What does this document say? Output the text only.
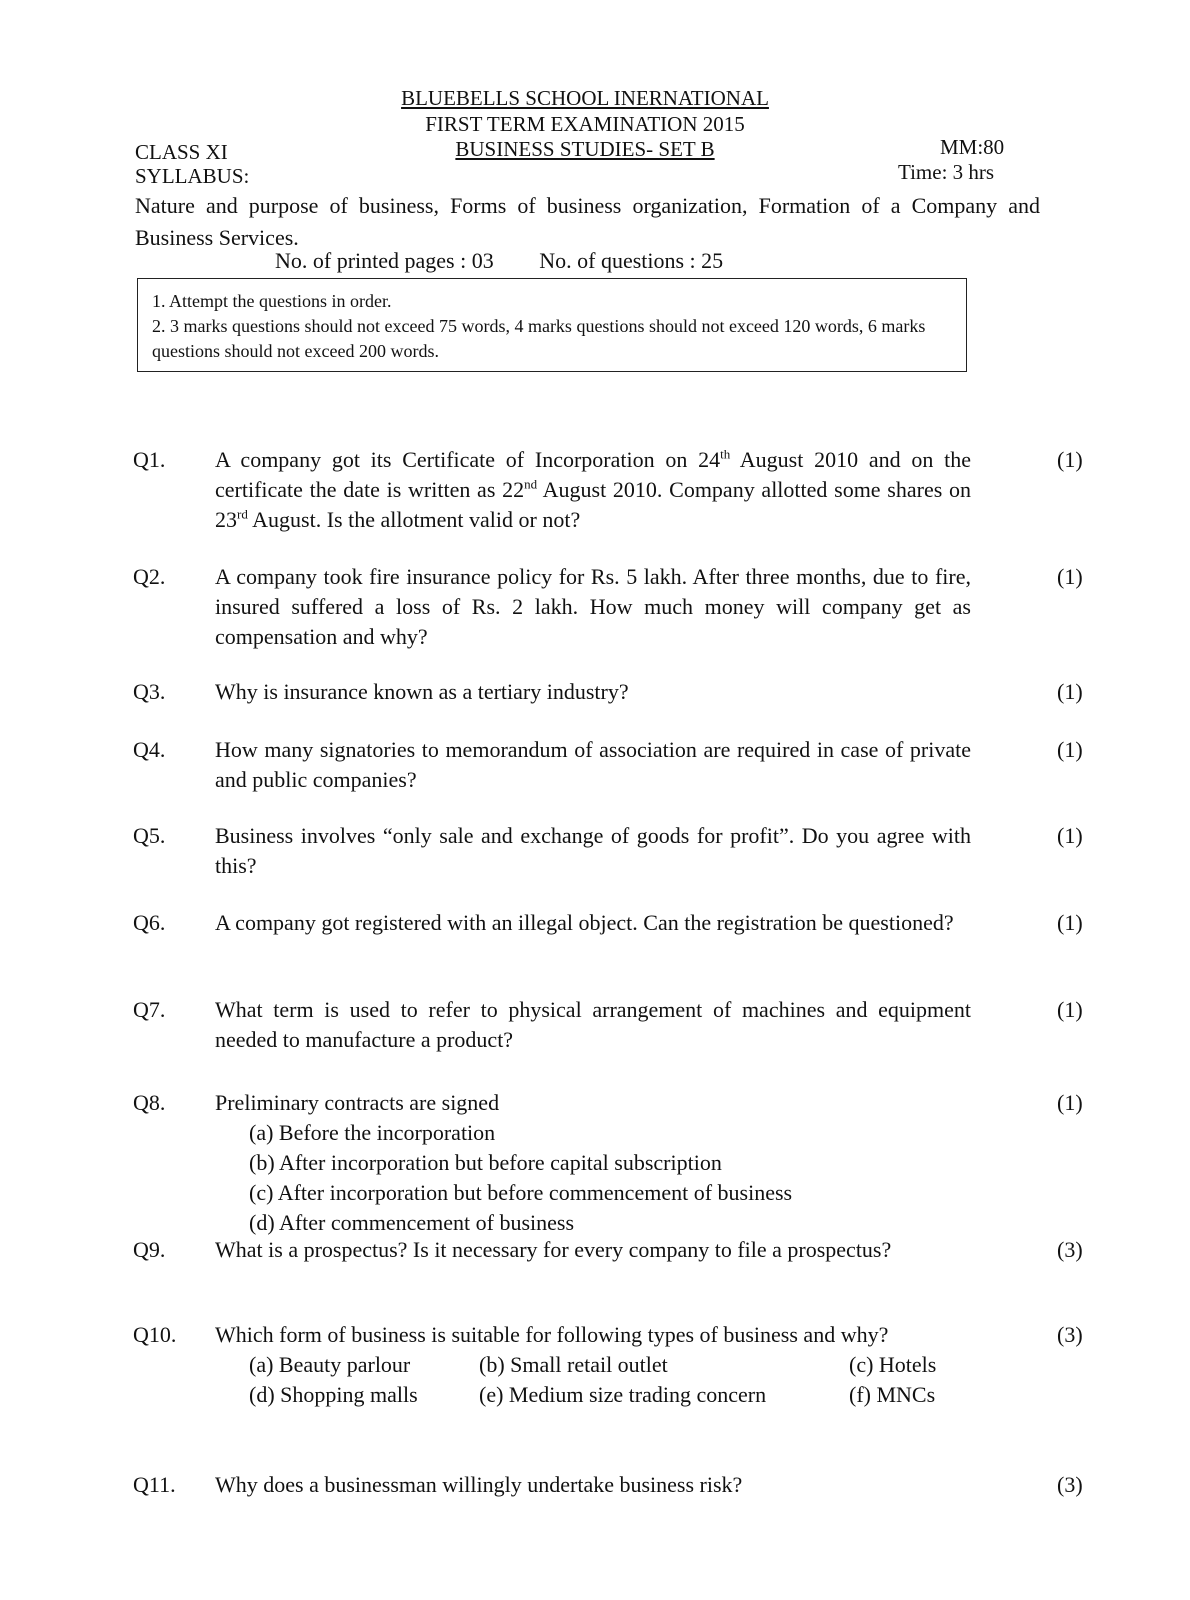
BLUEBELLS SCHOOL INERNATIONAL
FIRST TERM EXAMINATION 2015
BUSINESS STUDIES- SET B
CLASS XI	MM:80
SYLLABUS:	Time: 3 hrs
Nature and purpose of business, Forms of business organization, Formation of a Company and Business Services.
No. of printed pages : 03 No. of questions : 25
1. Attempt the questions in order.
2. 3 marks questions should not exceed 75 words, 4 marks questions should not exceed 120 words, 6 marks questions should not exceed 200 words.
Q1.	A company got its Certificate of Incorporation on 24th August 2010 and on the certificate the date is written as 22nd August 2010. Company allotted some shares on 23rd August. Is the allotment valid or not?
(1)
Q2.	A company took fire insurance policy for Rs. 5 lakh. After three months, due to fire, insured suffered a loss of Rs. 2 lakh. How much money will company get as compensation and why?
(1)
Q3.	Why is insurance known as a tertiary industry?	(1)
Q4.	How many signatories to memorandum of association are required in case of private and public companies?
(1)
Q5.	Business involves “only sale and exchange of goods for profit”. Do you agree with this?
(1)
Q6.	A company got registered with an illegal object. Can the registration be questioned?	(1)
Q7.	What term is used to refer to physical arrangement of machines and equipment needed to manufacture a product?
(1)
Q8.	Preliminary contracts are signed
(a) Before the incorporation
(b) After incorporation but before capital subscription
(c) After incorporation but before commencement of business
(d) After commencement of business
(1)
Q9.	What is a prospectus? Is it necessary for every company to file a prospectus?	(3)
Q10.	Which form of business is suitable for following types of business and why?
(a) Beauty parlour	(b) Small retail outlet	(c) Hotels
(d) Shopping malls	(e) Medium size trading concern	(f) MNCs
(3)
Q11.	Why does a businessman willingly undertake business risk?	(3)
